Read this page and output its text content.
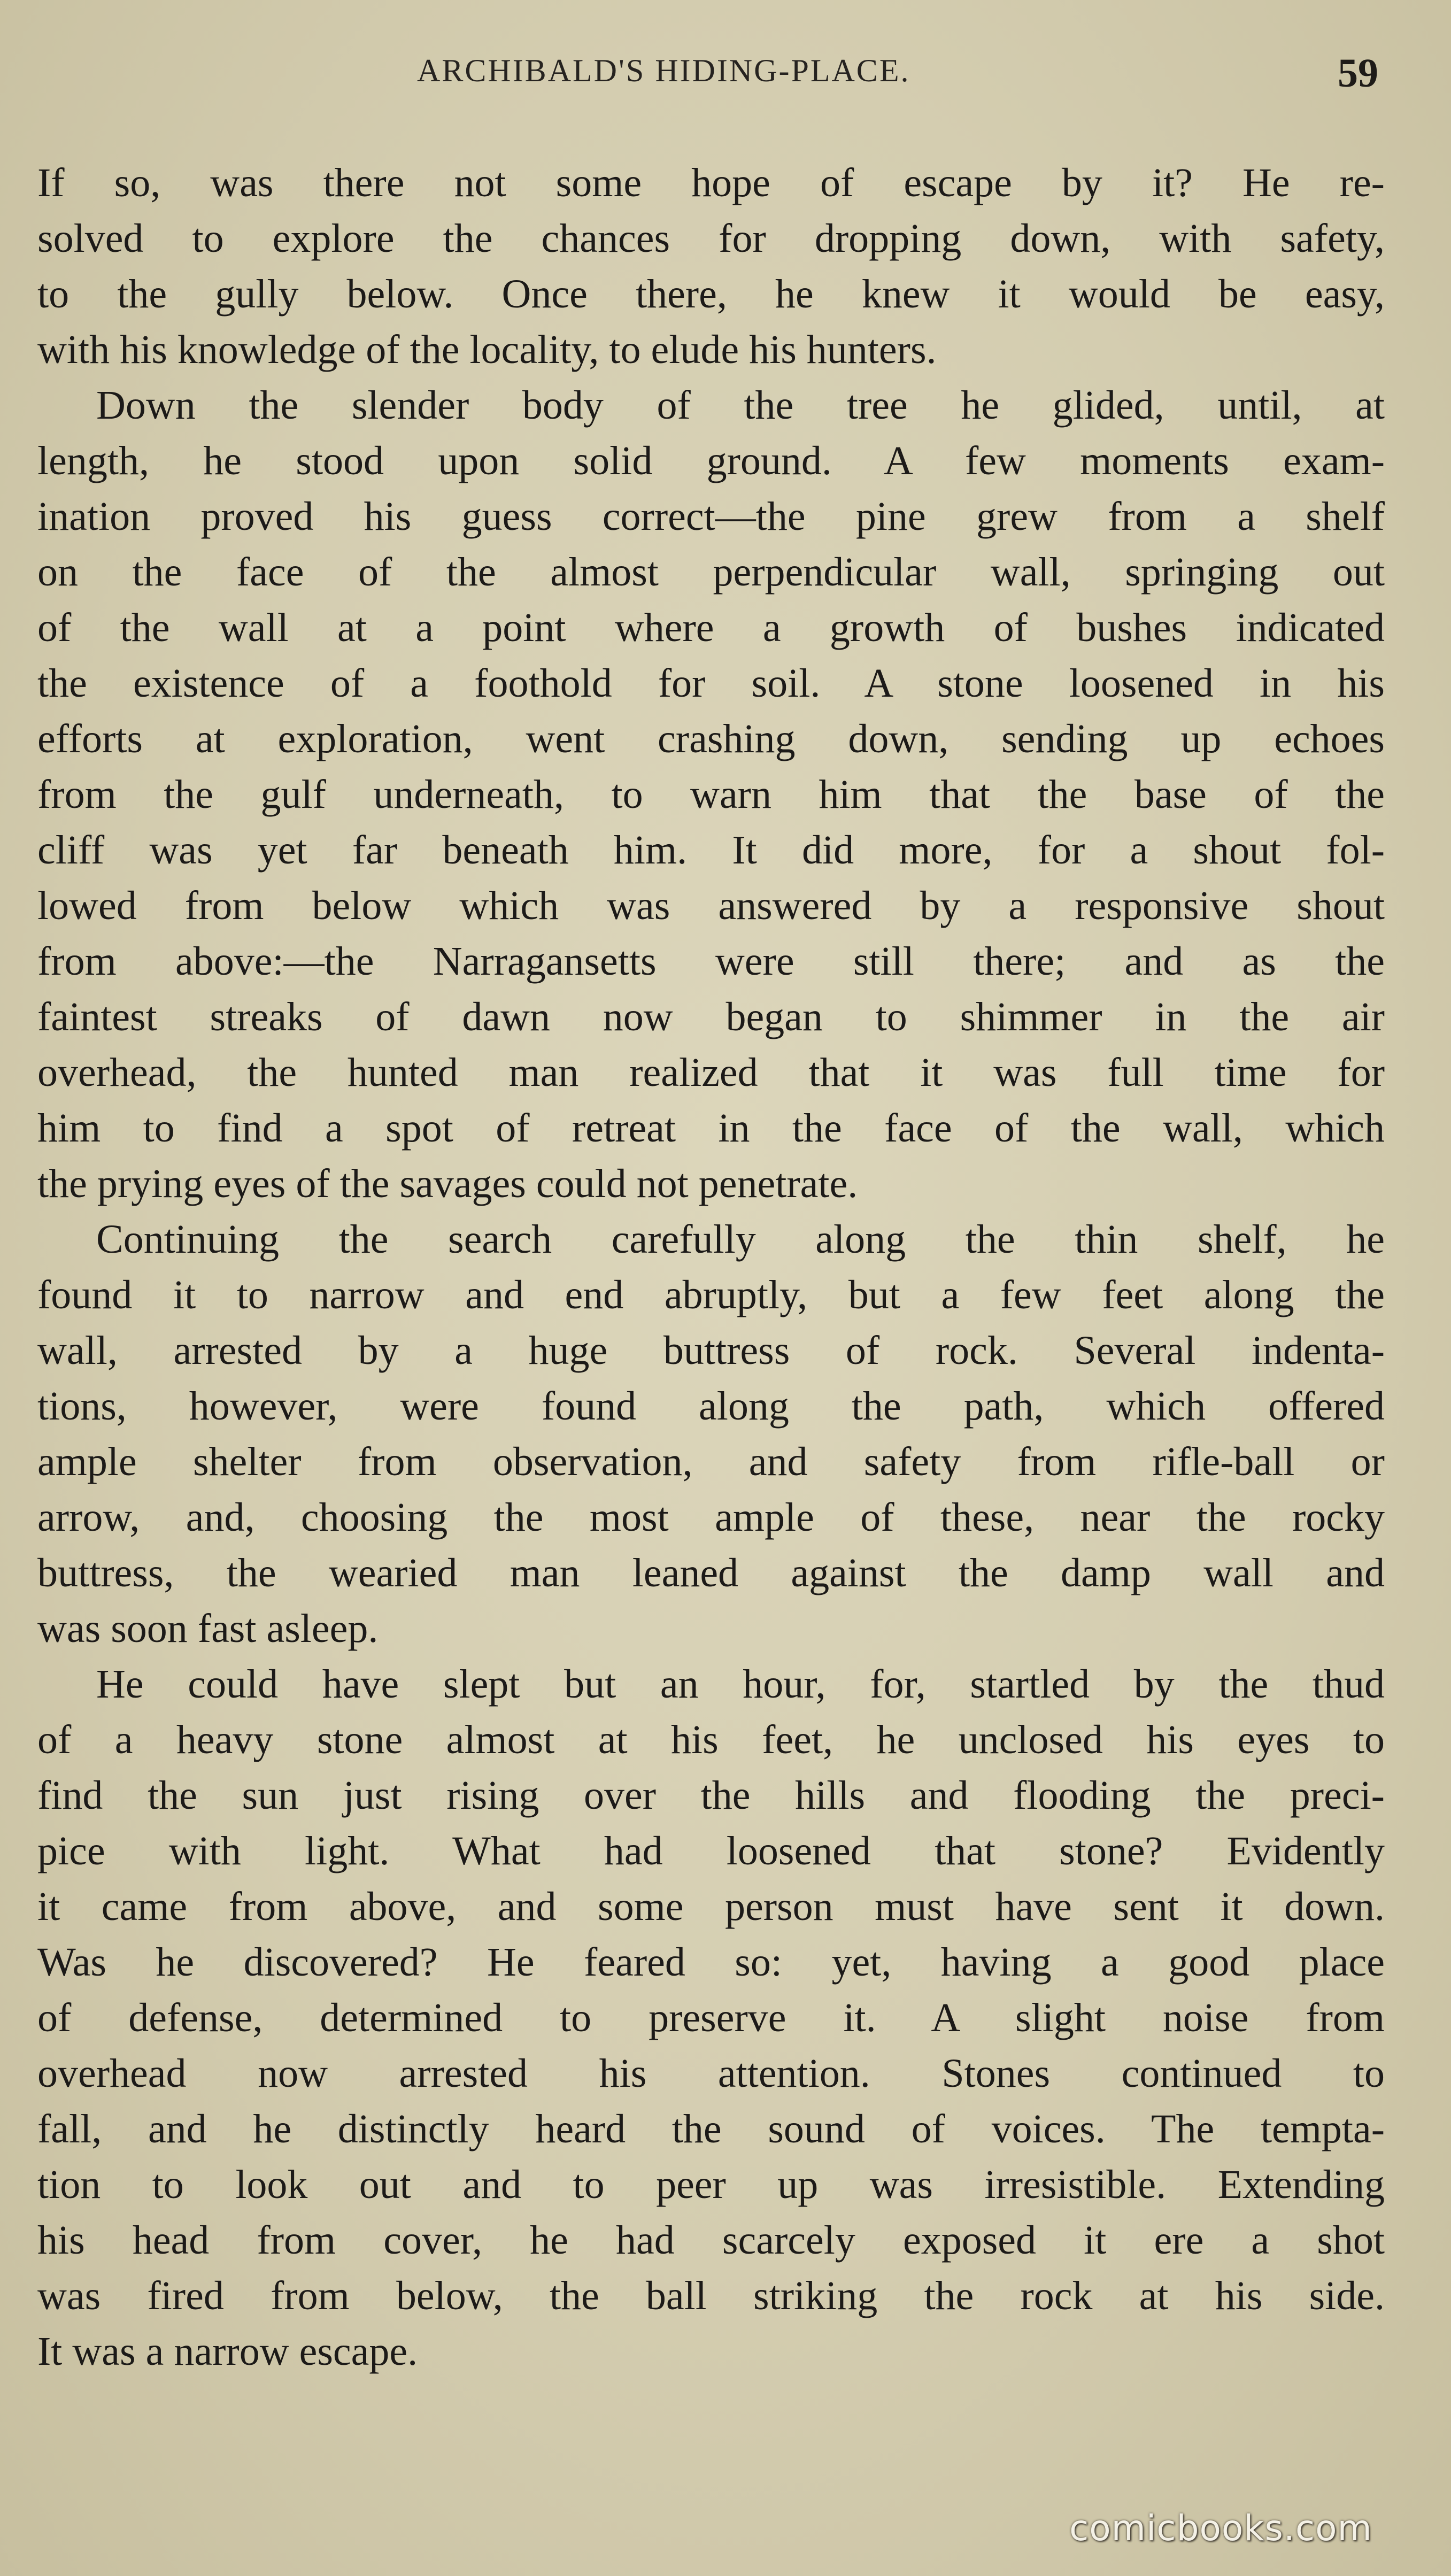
ARCHIBALD'S HIDING-PLACE.	59
If so, was there not some hope of escape by it? He re-
solved to explore the chances for dropping down, with safety,
to the gully below. Once there, he knew it would be easy,
with his knowledge of the locality, to elude his hunters.
Down the slender body of the tree he glided, until, at
length, he stood upon solid ground. A few moments exam-
ination proved his guess correct—the pine grew from a shelf
on the face of the almost perpendicular wall, springing out
of the wall at a point where a growth of bushes indicated
the existence of a foothold for soil. A stone loosened in his
efforts at exploration, went crashing down, sending up echoes
from the gulf underneath, to warn him that the base of the
cliff was yet far beneath him. It did more, for a shout fol-
lowed from below which was answered by a responsive shout
from above:—the Narragansetts were still there; and as the
faintest streaks of dawn now began to shimmer in the air
overhead, the hunted man realized that it was full time for
him to find a spot of retreat in the face of the wall, which
the prying eyes of the savages could not penetrate.
Continuing the search carefully along the thin shelf, he
found it to narrow and end abruptly, but a few feet along the
wall, arrested by a huge buttress of rock. Several indenta-
tions, however, were found along the path, which offered
ample shelter from observation, and safety from rifle-ball or
arrow, and, choosing the most ample of these, near the rocky
buttress, the wearied man leaned against the damp wall and
was soon fast asleep.
He could have slept but an hour, for, startled by the thud
of a heavy stone almost at his feet, he unclosed his eyes to
find the sun just rising over the hills and flooding the preci-
pice with light. What had loosened that stone? Evidently
it came from above, and some person must have sent it down.
Was he discovered? He feared so: yet, having a good place
of defense, determined to preserve it. A slight noise from
overhead now arrested his attention. Stones continued to
fall, and he distinctly heard the sound of voices. The tempta-
tion to look out and to peer up was irresistible. Extending
his head from cover, he had scarcely exposed it ere a shot
was fired from below, the ball striking the rock at his side.
It was a narrow escape.
comicbooks.com
